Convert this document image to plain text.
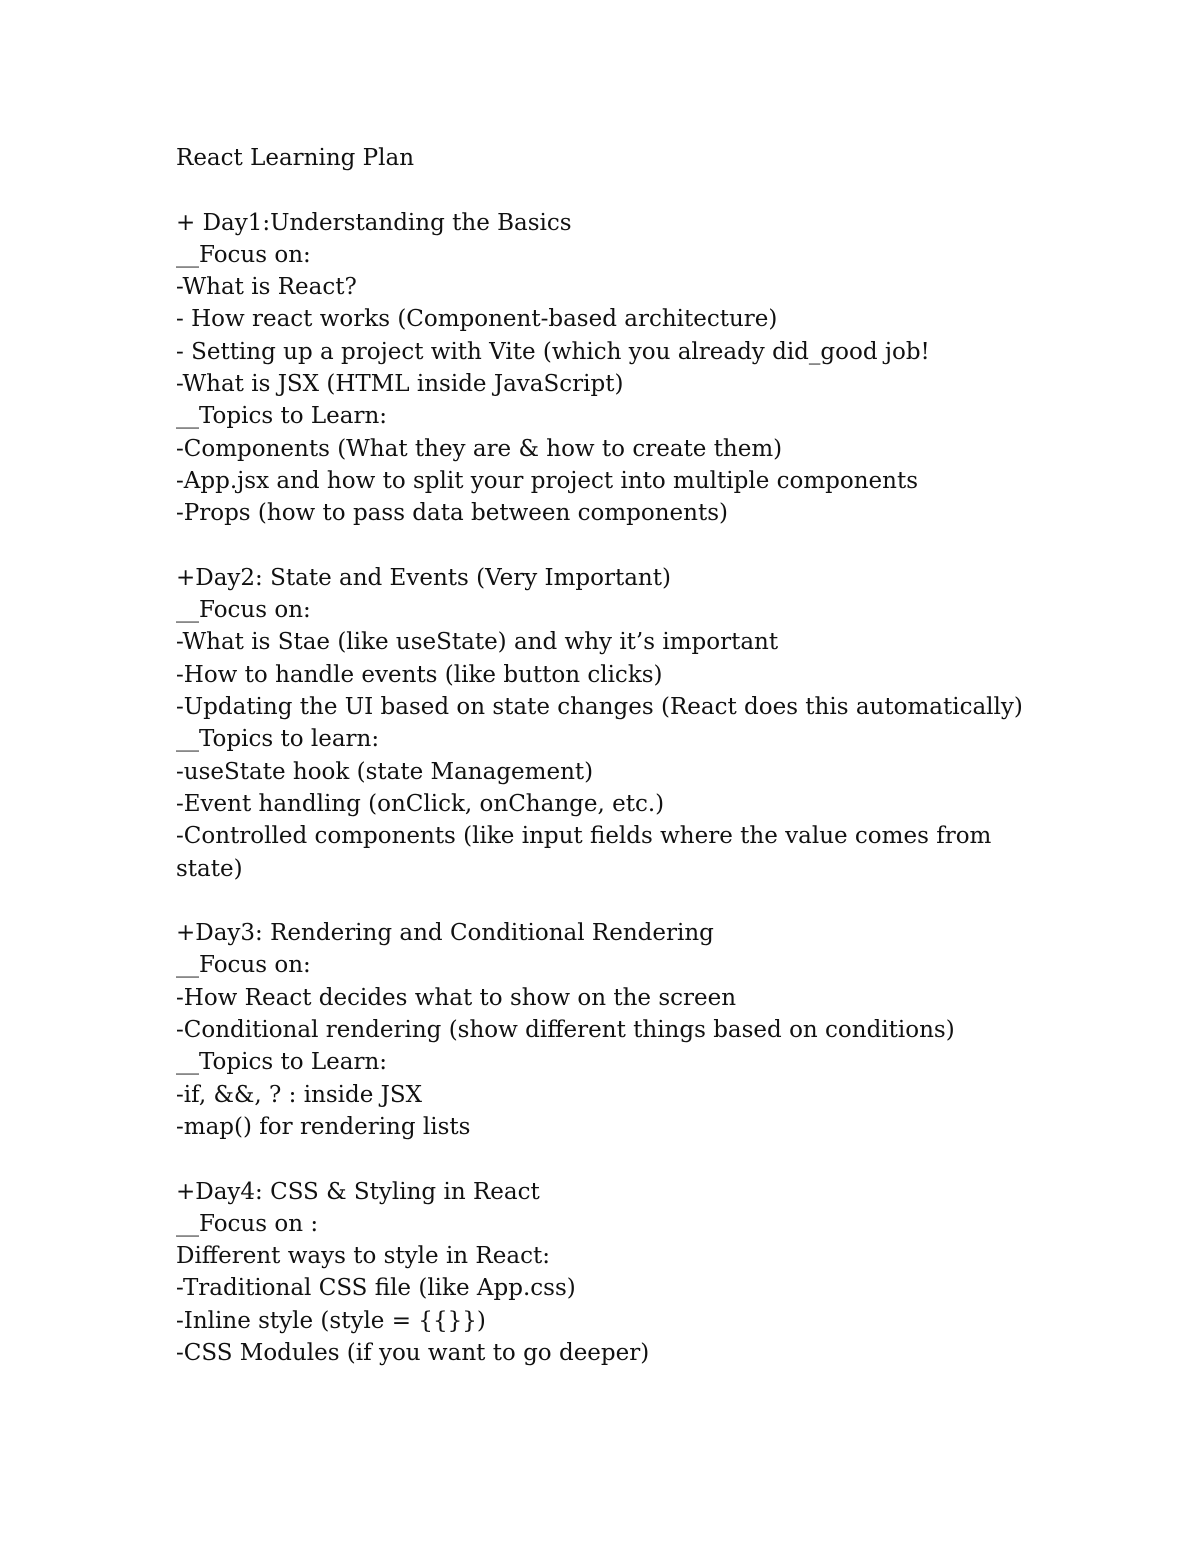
React Learning Plan

+ Day1:Understanding the Basics

__Focus on:

-What is React?

- How react works (Component-based architecture)

- Setting up a project with Vite (which you already did_good job!

-What is JSX (HTML inside JavaScript)

__Topics to Learn:

-Components (What they are & how to create them)

-App.jsx and how to split your project into multiple components

-Props (how to pass data between components)

+Day2: State and Events (Very Important)

__Focus on:

-What is Stae (like useState) and why it’s important

-How to handle events (like button clicks)

-Updating the UI based on state changes (React does this automatically)

__Topics to learn:

-useState hook (state Management)

-Event handling (onClick, onChange, etc.)

-Controlled components (like input fields where the value comes from state)

+Day3: Rendering and Conditional Rendering

__Focus on:

-How React decides what to show on the screen

-Conditional rendering (show different things based on conditions)

__Topics to Learn:

-if, &&, ? : inside JSX

-map() for rendering lists

+Day4: CSS & Styling in React

__Focus on :

Different ways to style in React:

-Traditional CSS file (like App.css)

-Inline style (style = {{}})

-CSS Modules (if you want to go deeper)
